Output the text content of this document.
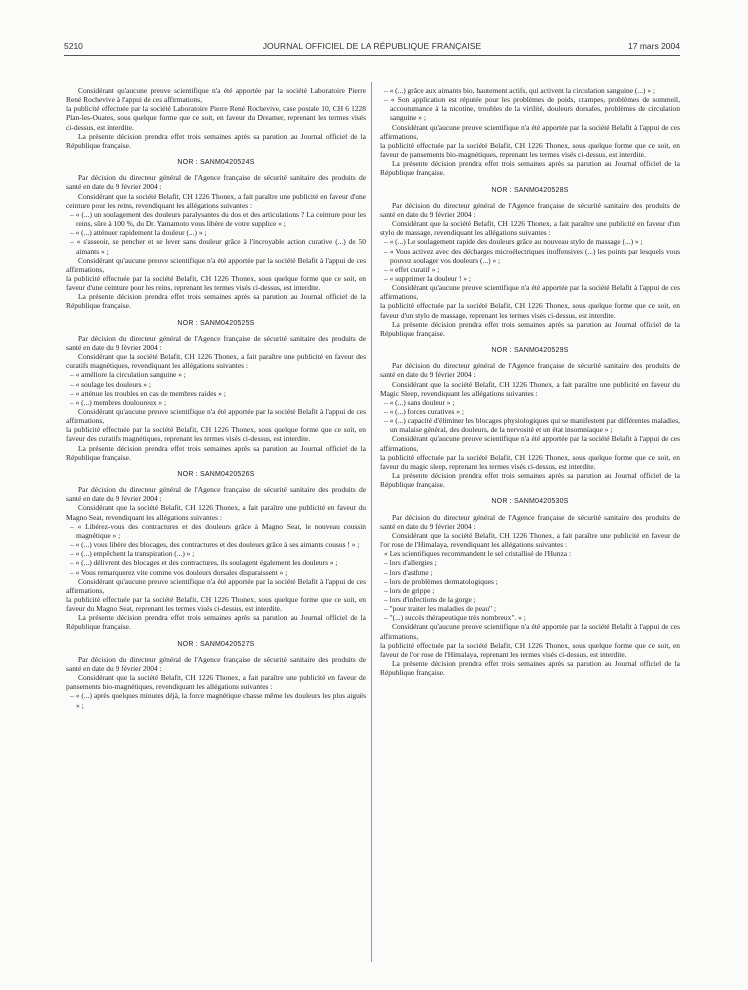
5210	JOURNAL OFFICIEL DE LA RÉPUBLIQUE FRANÇAISE	17 mars 2004

Considérant qu'aucune preuve scientifique n'a été apportée par la société Laboratoire Pierre René Rochevive à l'appui de ces affirmations,

la publicité effectuée par la société Laboratoire Pierre René Rochevive, case postale 10, CH 6 1228 Plan-les-Ouates, sous quelque forme que ce soit, en faveur du Dreamer, reprenant les termes visés ci-dessus, est interdite.

La présente décision prendra effet trois semaines après sa parution au Journal officiel de la République française.

NOR : SANM0420524S

Par décision du directeur général de l'Agence française de sécurité sanitaire des produits de santé en date du 9 février 2004 :

Considérant que la société Belafit, CH 1226 Thonex, a fait paraître une publicité en faveur d'une ceinture pour les reins, revendiquant les allégations suivantes :

– « (...) un soulagement des douleurs paralysantes du dos et des articulations ? La ceinture pour les reins, sûre à 100 %, du Dr. Yamamoto vous libère de votre supplice » ;

– « (...) atténuer rapidement la douleur (...) » ;

– « s'asseoir, se pencher et se lever sans douleur grâce à l'incroyable action curative (...) de 50 aimants » ;

Considérant qu'aucune preuve scientifique n'a été apportée par la société Belafit à l'appui de ces affirmations,

la publicité effectuée par la société Belafit, CH 1226 Thonex, sous quelque forme que ce soit, en faveur d'une ceinture pour les reins, reprenant les termes visés ci-dessus, est interdite.

La présente décision prendra effet trois semaines après sa parution au Journal officiel de la République française.

NOR : SANM0420525S

Par décision du directeur général de l'Agence française de sécurité sanitaire des produits de santé en date du 9 février 2004 :

Considérant que la société Belafit, CH 1226 Thonex, a fait paraître une publicité en faveur des curatifs magnétiques, revendiquant les allégations suivantes :

– « améliore la circulation sanguine » ;

– « soulage les douleurs » ;

– « atténue les troubles en cas de membres raides » ;

– « (...) membres douloureux » ;

Considérant qu'aucune preuve scientifique n'a été apportée par la société Belafit à l'appui de ces affirmations,

la publicité effectuée par la société Belafit, CH 1226 Thonex, sous quelque forme que ce soit, en faveur des curatifs magnétiques, reprenant les termes visés ci-dessus, est interdite.

La présente décision prendra effet trois semaines après sa parution au Journal officiel de la République française.

NOR : SANM0420526S

Par décision du directeur général de l'Agence française de sécurité sanitaire des produits de santé en date du 9 février 2004 :

Considérant que la société Belafit, CH 1226 Thonex, a fait paraître une publicité en faveur du Magno Seat, revendiquant les allégations suivantes :

– « Libérez-vous des contractures et des douleurs grâce à Magno Seat, le nouveau coussin magnétique » ;

– « (...) vous libère des blocages, des contractures et des douleurs grâce à ses aimants cousus ! » ;

– « (...) empêchent la transpiration (...) » ;

– « (...) délivrent des blocages et des contractures, ils soulagent également les douleurs » ;

– « Vous remarquerez vite comme vos douleurs dorsales disparaissent » ;

Considérant qu'aucune preuve scientifique n'a été apportée par la société Belafit à l'appui de ces affirmations,

la publicité effectuée par la société Belafit, CH 1226 Thonex, sous quelque forme que ce soit, en faveur du Magno Seat, reprenant les termes visés ci-dessus, est interdite.

La présente décision prendra effet trois semaines après sa parution au Journal officiel de la République française.

NOR : SANM0420527S

Par décision du directeur général de l'Agence française de sécurité sanitaire des produits de santé en date du 9 février 2004 :

Considérant que la société Belafit, CH 1226 Thonex, a fait paraître une publicité en faveur de pansements bio-magnétiques, revendiquant les allégations suivantes :

– « (...) après quelques minutes déjà, la force magnétique chasse même les douleurs les plus aiguës » ;

– « (...) grâce aux aimants bio, hautement actifs, qui activent la circulation sanguine (...) » ;

– « Son application est réputée pour les problèmes de poids, crampes, problèmes de sommeil, accoutumance à la nicotine, troubles de la virilité, douleurs dorsales, problèmes de circulation sanguine » ;

Considérant qu'aucune preuve scientifique n'a été apportée par la société Belafit à l'appui de ces affirmations,

la publicité effectuée par la société Belafit, CH 1226 Thonex, sous quelque forme que ce soit, en faveur de pansements bio-magnétiques, reprenant les termes visés ci-dessus, est interdite.

La présente décision prendra effet trois semaines après sa parution au Journal officiel de la République française.

NOR : SANM0420528S

Par décision du directeur général de l'Agence française de sécurité sanitaire des produits de santé en date du 9 février 2004 :

Considérant que la société Belafit, CH 1226 Thonex, a fait paraître une publicité en faveur d'un stylo de massage, revendiquant les allégations suivantes :

– « (...) Le soulagement rapide des douleurs grâce au nouveau stylo de massage (...) » ;

– « Vous activez avec des décharges microélectriques inoffensives (...) les points par lesquels vous pouvez soulager vos douleurs (...) » ;

– « effet curatif » ;

– « supprimer la douleur ! » ;

Considérant qu'aucune preuve scientifique n'a été apportée par la société Belafit à l'appui de ces affirmations,

la publicité effectuée par la société Belafit, CH 1226 Thonex, sous quelque forme que ce soit, en faveur d'un stylo de massage, reprenant les termes visés ci-dessus, est interdite.

La présente décision prendra effet trois semaines après sa parution au Journal officiel de la République française.

NOR : SANM0420529S

Par décision du directeur général de l'Agence française de sécurité sanitaire des produits de santé en date du 9 février 2004 :

Considérant que la société Belafit, CH 1226 Thonex, a fait paraître une publicité en faveur du Magic Sleep, revendiquant les allégations suivantes :

– « (...) sans douleur » ;

– « (...) forces curatives » ;

– « (...) capacité d'éliminer les blocages physiologiques qui se manifestent par différentes maladies, un malaise général, des douleurs, de la nervosité et un état insomniaque » ;

Considérant qu'aucune preuve scientifique n'a été apportée par la société Belafit à l'appui de ces affirmations,

la publicité effectuée par la société Belafit, CH 1226 Thonex, sous quelque forme que ce soit, en faveur du magic sleep, reprenant les termes visés ci-dessus, est interdite.

La présente décision prendra effet trois semaines après sa parution au Journal officiel de la République française.

NOR : SANM0420530S

Par décision du directeur général de l'Agence française de sécurité sanitaire des produits de santé en date du 9 février 2004 :

Considérant que la société Belafit, CH 1226 Thonex, a fait paraître une publicité en faveur de l'or rose de l'Himalaya, revendiquant les allégations suivantes :

« Les scientifiques recommandent le sel cristallisé de l'Hunza :

– lors d'allergies ;

– lors d'asthme ;

– lors de problèmes dermatologiques ;

– lors de grippe ;

– lors d'infections de la gorge ;

– "pour traiter les maladies de peau" ;

– "(...) succès thérapeutique très nombreux". » ;

Considérant qu'aucune preuve scientifique n'a été apportée par la société Belafit à l'appui de ces affirmations,

la publicité effectuée par la société Belafit, CH 1226 Thonex, sous quelque forme que ce soit, en faveur de l'or rose de l'Himalaya, reprenant les termes visés ci-dessus, est interdite.

La présente décision prendra effet trois semaines après sa parution au Journal officiel de la République française.
